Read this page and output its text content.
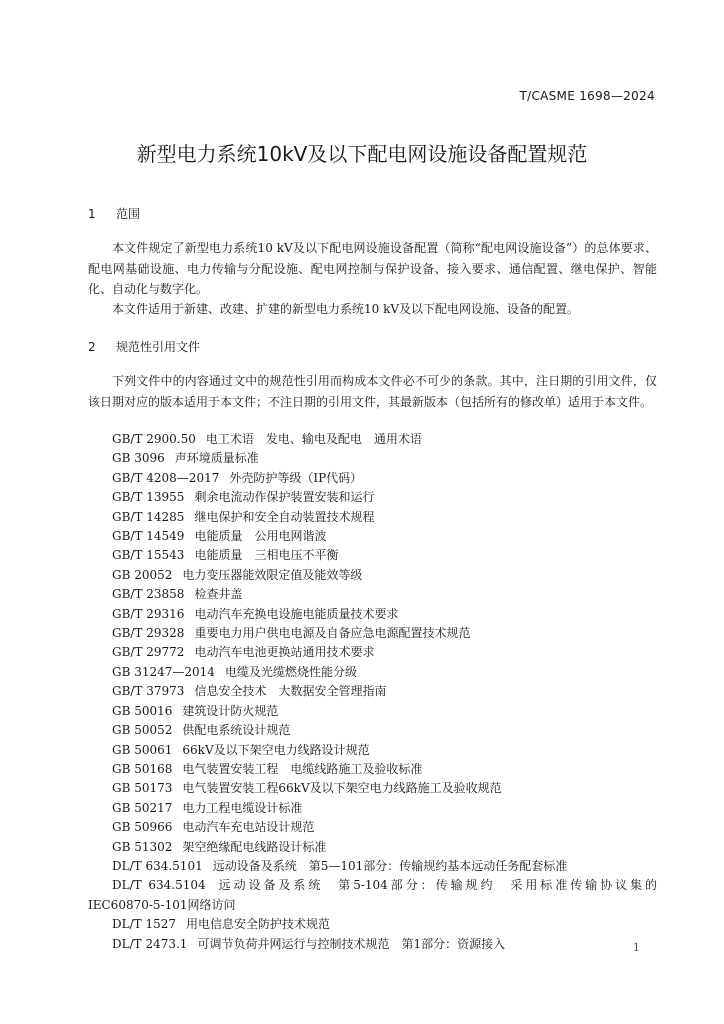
T/CASME 1698—2024
新型电力系统10kV及以下配电网设施设备配置规范
1 范围

本文件规定了新型电力系统10 kV及以下配电网设施设备配置（简称“配电网设施设备”）的总体要求、配电网基础设施、电力传输与分配设施、配电网控制与保护设备、接入要求、通信配置、继电保护、智能化、自动化与数字化。

本文件适用于新建、改建、扩建的新型电力系统10 kV及以下配电网设施、设备的配置。

2 规范性引用文件

下列文件中的内容通过文中的规范性引用而构成本文件必不可少的条款。其中，注日期的引用文件，仅该日期对应的版本适用于本文件；不注日期的引用文件，其最新版本（包括所有的修改单）适用于本文件。

GB/T 2900.50 电工术语　发电、输电及配电　通用术语
GB 3096 声环境质量标准
GB/T 4208—2017 外壳防护等级（IP代码）
GB/T 13955 剩余电流动作保护装置安装和运行
GB/T 14285 继电保护和安全自动装置技术规程
GB/T 14549 电能质量　公用电网谐波
GB/T 15543 电能质量　三相电压不平衡
GB 20052 电力变压器能效限定值及能效等级
GB/T 23858 检查井盖
GB/T 29316 电动汽车充换电设施电能质量技术要求
GB/T 29328 重要电力用户供电电源及自备应急电源配置技术规范
GB/T 29772 电动汽车电池更换站通用技术要求
GB 31247—2014 电缆及光缆燃烧性能分级
GB/T 37973 信息安全技术　大数据安全管理指南
GB 50016 建筑设计防火规范
GB 50052 供配电系统设计规范
GB 50061 66kV及以下架空电力线路设计规范
GB 50168 电气装置安装工程　电缆线路施工及验收标准
GB 50173 电气装置安装工程66kV及以下架空电力线路施工及验收规范
GB 50217 电力工程电缆设计标准
GB 50966 电动汽车充电站设计规范
GB 51302 架空绝缘配电线路设计标准
DL/T 634.5101 远动设备及系统　第5—101部分：传输规约基本远动任务配套标准
DL/T 634.5104 远动设备及系统　第5-104部分：传输规约　采用标准传输协议集的
IEC60870-5-101网络访问
DL/T 1527 用电信息安全防护技术规范
DL/T 2473.1 可调节负荷并网运行与控制技术规范　第1部分：资源接入	1
